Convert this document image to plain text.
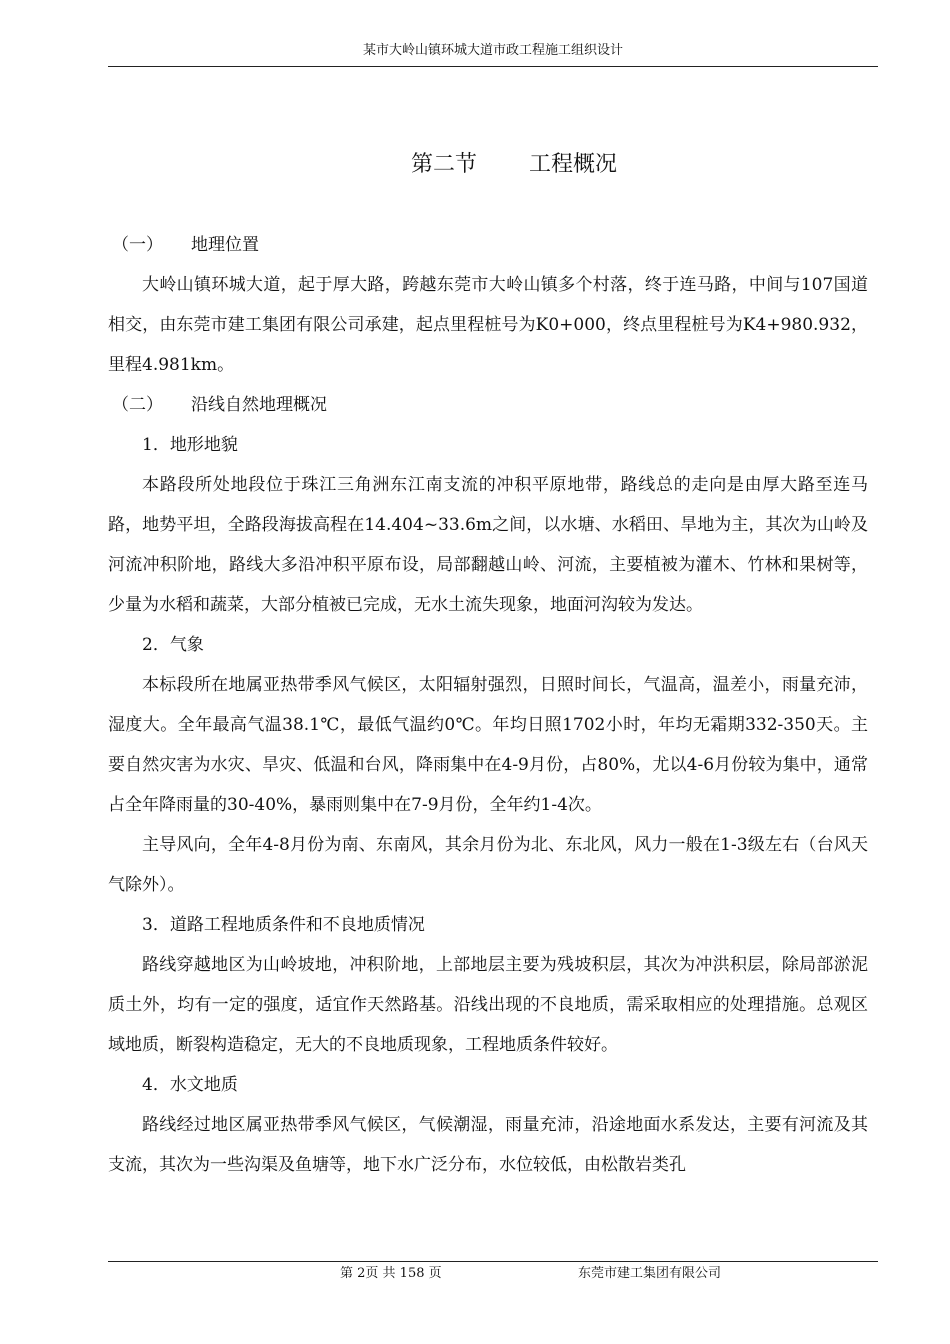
某市大岭山镇环城大道市政工程施工组织设计
第二节 工程概况

（一） 地理位置

大岭山镇环城大道，起于厚大路，跨越东莞市大岭山镇多个村落，终于连马路，中间与107国道相交，由东莞市建工集团有限公司承建，起点里程桩号为K0+000，终点里程桩号为K4+980.932，里程4.981km。

（二） 沿线自然地理概况

1．地形地貌

本路段所处地段位于珠江三角洲东江南支流的冲积平原地带，路线总的走向是由厚大路至连马路，地势平坦，全路段海拔高程在14.404~33.6m之间，以水塘、水稻田、旱地为主，其次为山岭及河流冲积阶地，路线大多沿冲积平原布设，局部翻越山岭、河流，主要植被为灌木、竹林和果树等，少量为水稻和蔬菜，大部分植被已完成，无水土流失现象，地面河沟较为发达。

2．气象

本标段所在地属亚热带季风气候区，太阳辐射强烈，日照时间长，气温高，温差小，雨量充沛，湿度大。全年最高气温38.1℃，最低气温约0℃。年均日照1702小时，年均无霜期332-350天。主要自然灾害为水灾、旱灾、低温和台风，降雨集中在4-9月份，占80%，尤以4-6月份较为集中，通常占全年降雨量的30-40%，暴雨则集中在7-9月份，全年约1-4次。

主导风向，全年4-8月份为南、东南风，其余月份为北、东北风，风力一般在1-3级左右（台风天气除外）。

3．道路工程地质条件和不良地质情况

路线穿越地区为山岭坡地，冲积阶地，上部地层主要为残坡积层，其次为冲洪积层，除局部淤泥质土外，均有一定的强度，适宜作天然路基。沿线出现的不良地质，需采取相应的处理措施。总观区域地质，断裂构造稳定，无大的不良地质现象，工程地质条件较好。

4．水文地质

路线经过地区属亚热带季风气候区，气候潮湿，雨量充沛，沿途地面水系发达，主要有河流及其支流，其次为一些沟渠及鱼塘等，地下水广泛分布，水位较低，由松散岩类孔

第 2页 共 158 页	东莞市建工集团有限公司
